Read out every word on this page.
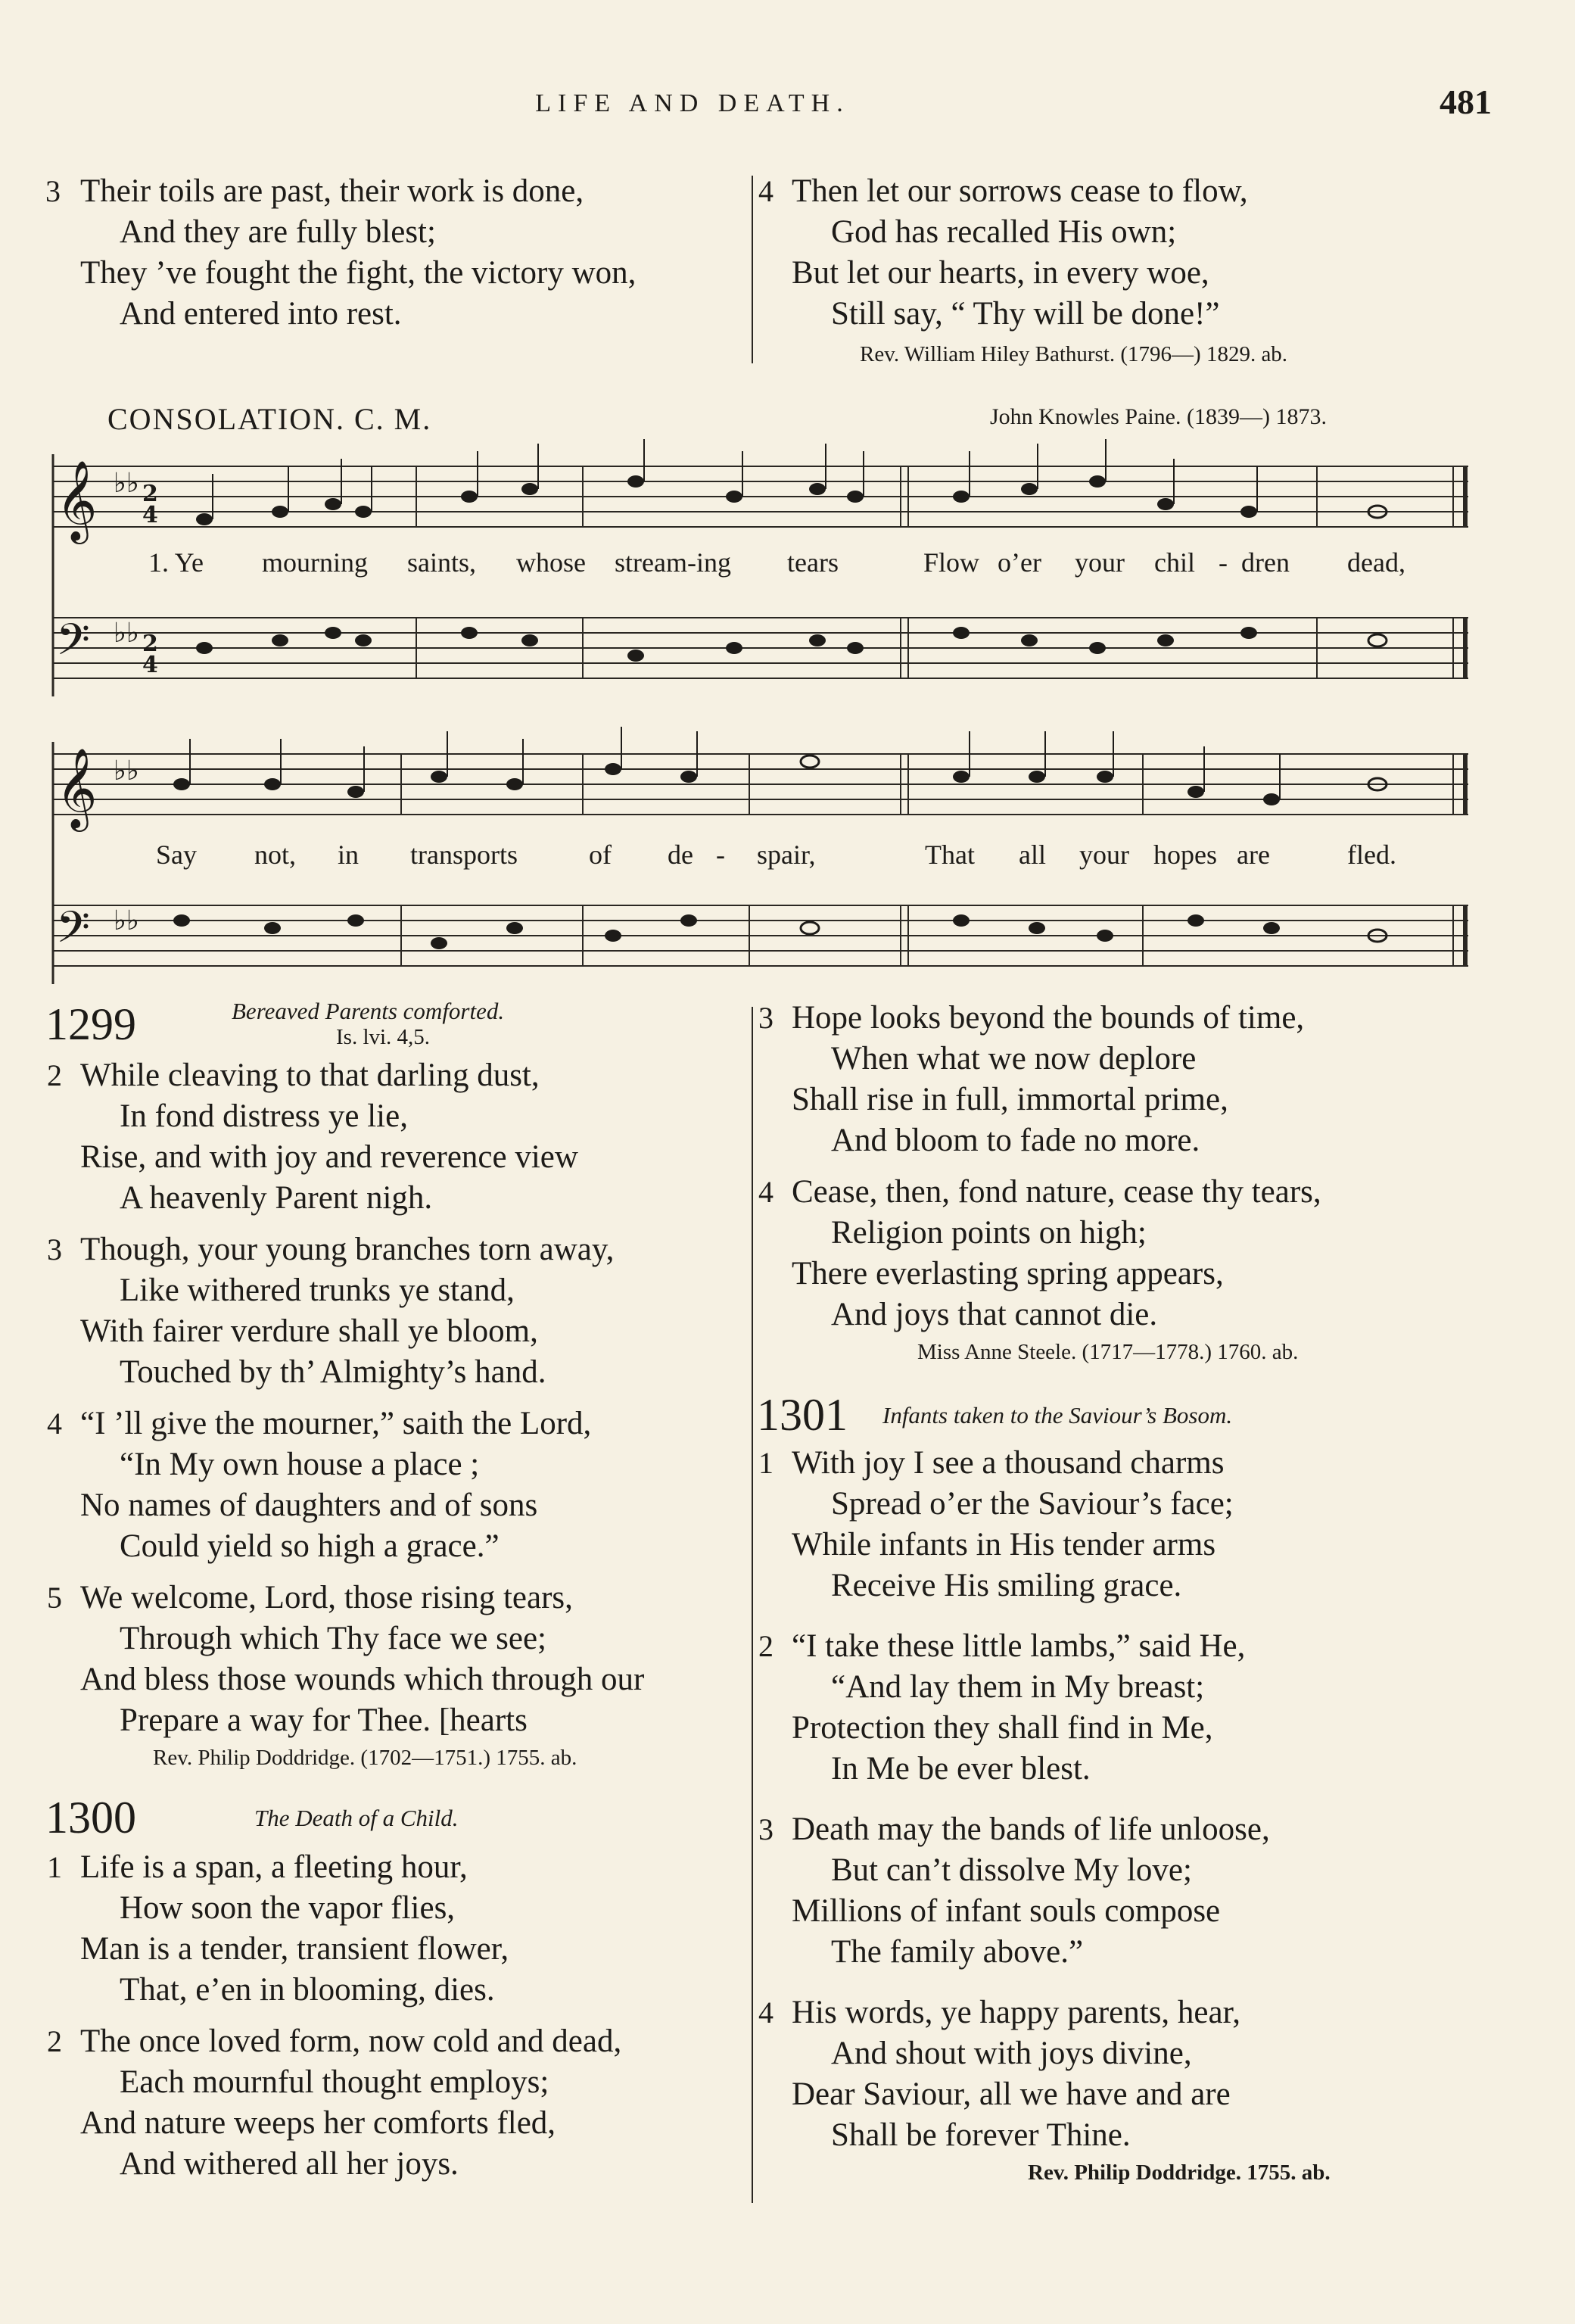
LIFE AND DEATH.	481
3 Their toils are past, their work is done,
And they are fully blest;
They ’ve fought the fight, the victory won,
And entered into rest.
4 Then let our sorrows cease to flow,
God has recalled His own;
But let our hearts, in every woe,
Still say, “ Thy will be done!”
Rev. William Hiley Bathurst. (1796—) 1829. ab.
CONSOLATION. C. M.	John Knowles Paine. (1839—) 1873.
𝄞
𝄢
♭♭
♭♭
2
4
2
4
1. Ye mourning saints, whose stream-ing tears	Flow o’er your chil - dren dead,
𝄞
𝄢
♭♭
♭♭
Say not, in transports	of de - spair,	That all your hopes are	fled.
1299	Bereaved Parents comforted.
Is. lvi. 4,5.
2 While cleaving to that darling dust,
In fond distress ye lie,
Rise, and with joy and reverence view
A heavenly Parent nigh.
3 Though, your young branches torn away,
Like withered trunks ye stand,
With fairer verdure shall ye bloom,
Touched by th’ Almighty’s hand.
4 “I ’ll give the mourner,” saith the Lord,
“In My own house a place ;
No names of daughters and of sons
Could yield so high a grace.”
5 We welcome, Lord, those rising tears,
Through which Thy face we see;
And bless those wounds which through our
Prepare a way for Thee. [hearts
Rev. Philip Doddridge. (1702—1751.) 1755. ab.
1300	The Death of a Child.
1 Life is a span, a fleeting hour,
How soon the vapor flies,
Man is a tender, transient flower,
That, e’en in blooming, dies.
2 The once loved form, now cold and dead,
Each mournful thought employs;
And nature weeps her comforts fled,
And withered all her joys.
3 Hope looks beyond the bounds of time,
When what we now deplore
Shall rise in full, immortal prime,
And bloom to fade no more.
4 Cease, then, fond nature, cease thy tears,
Religion points on high;
There everlasting spring appears,
And joys that cannot die.
Miss Anne Steele. (1717—1778.) 1760. ab.
1301 Infants taken to the Saviour’s Bosom.
1 With joy I see a thousand charms
Spread o’er the Saviour’s face;
While infants in His tender arms
Receive His smiling grace.
2 “I take these little lambs,” said He,
“And lay them in My breast;
Protection they shall find in Me,
In Me be ever blest.
3 Death may the bands of life unloose,
But can’t dissolve My love;
Millions of infant souls compose
The family above.”
4 His words, ye happy parents, hear,
And shout with joys divine,
Dear Saviour, all we have and are
Shall be forever Thine.
Rev. Philip Doddridge. 1755. ab.
